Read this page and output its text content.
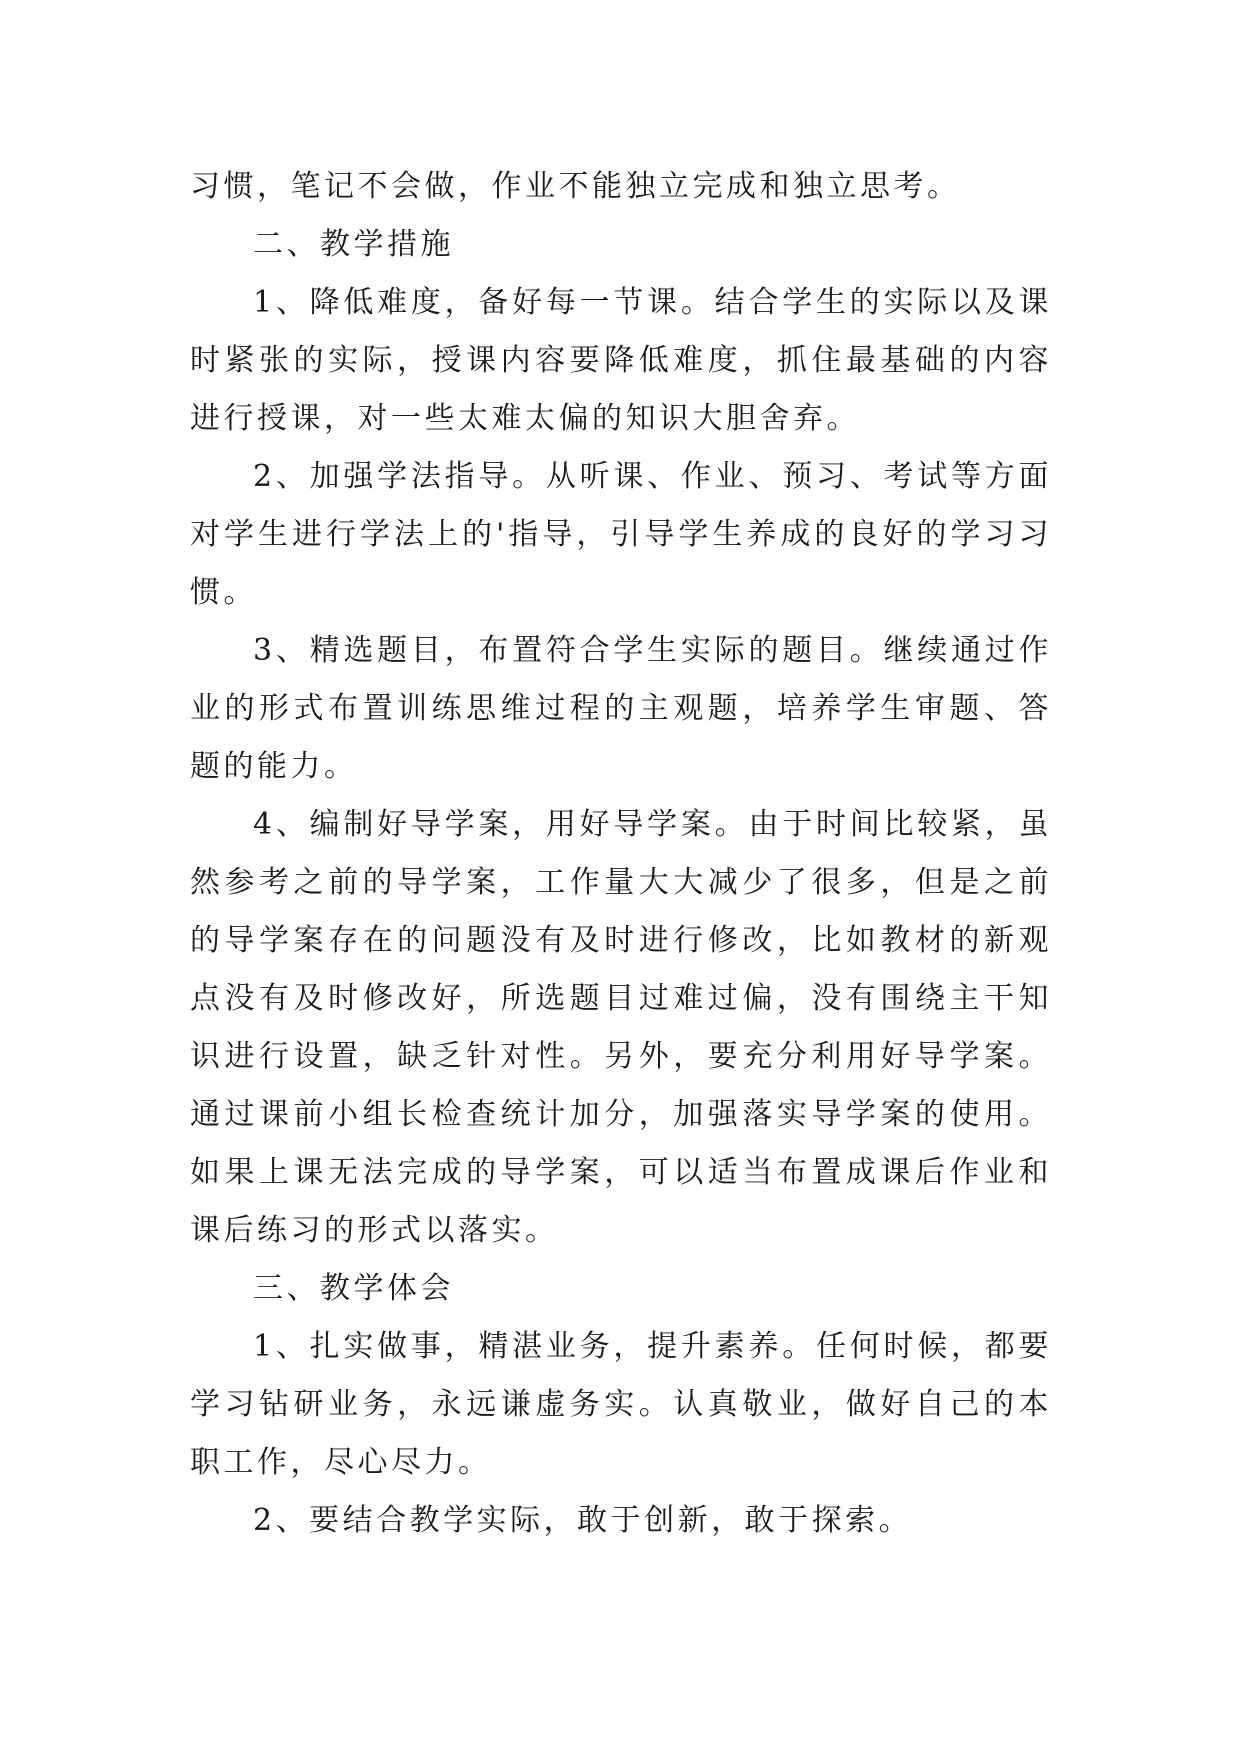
习惯，笔记不会做，作业不能独立完成和独立思考。

二、教学措施

1、降低难度，备好每一节课。结合学生的实际以及课时紧张的实际，授课内容要降低难度，抓住最基础的内容进行授课，对一些太难太偏的知识大胆舍弃。

2、加强学法指导。从听课、作业、预习、考试等方面对学生进行学法上的'指导，引导学生养成的良好的学习习惯。

3、精选题目，布置符合学生实际的题目。继续通过作业的形式布置训练思维过程的主观题，培养学生审题、答题的能力。

4、编制好导学案，用好导学案。由于时间比较紧，虽然参考之前的导学案，工作量大大减少了很多，但是之前的导学案存在的问题没有及时进行修改，比如教材的新观点没有及时修改好，所选题目过难过偏，没有围绕主干知识进行设置，缺乏针对性。另外，要充分利用好导学案。通过课前小组长检查统计加分，加强落实导学案的使用。如果上课无法完成的导学案，可以适当布置成课后作业和课后练习的形式以落实。

三、教学体会

1、扎实做事，精湛业务，提升素养。任何时候，都要学习钻研业务，永远谦虚务实。认真敬业，做好自己的本职工作，尽心尽力。

2、要结合教学实际，敢于创新，敢于探索。
